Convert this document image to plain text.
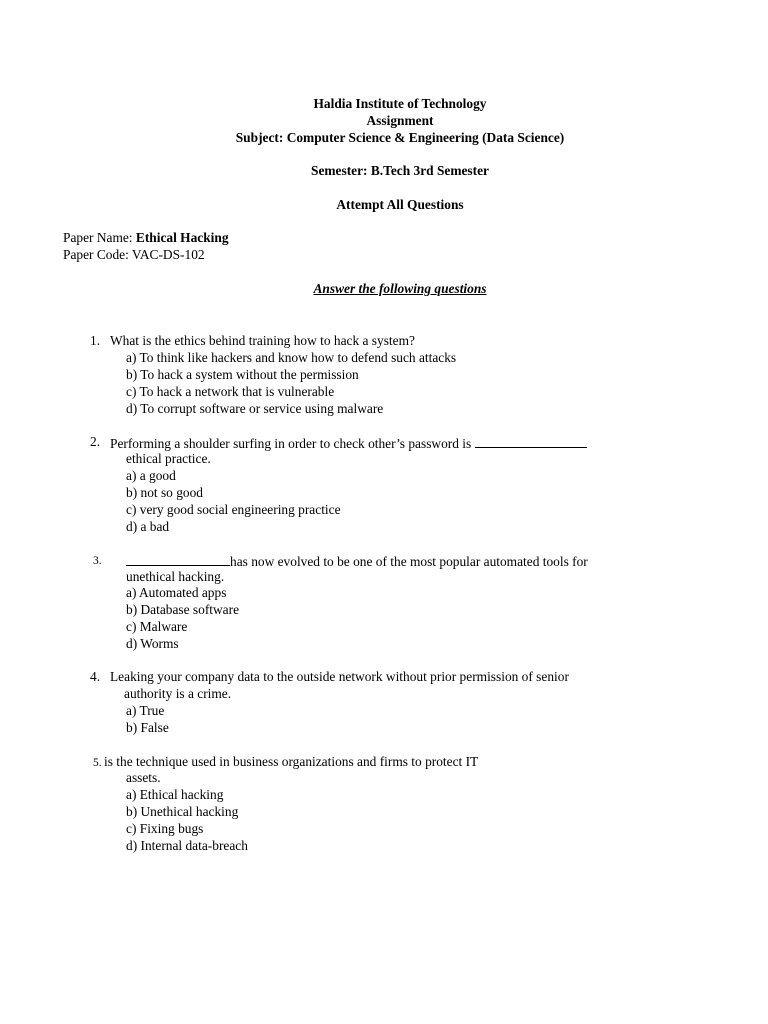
Haldia Institute of Technology
Assignment
Subject: Computer Science & Engineering (Data Science)
Semester: B.Tech 3rd Semester
Attempt All Questions
Paper Name: Ethical Hacking
Paper Code: VAC-DS-102
Answer the following questions
1. What is the ethics behind training how to hack a system?
a) To think like hackers and know how to defend such attacks
b) To hack a system without the permission
c) To hack a network that is vulnerable
d) To corrupt software or service using malware
2. Performing a shoulder surfing in order to check other’s password is
ethical practice.
a) a good
b) not so good
c) very good social engineering practice
d) a bad
3.	has now evolved to be one of the most popular automated tools for
unethical hacking.
a) Automated apps
b) Database software
c) Malware
d) Worms
4. Leaking your company data to the outside network without prior permission of senior
authority is a crime.
a) True
b) False
5. is the technique used in business organizations and firms to protect IT
assets.
a) Ethical hacking
b) Unethical hacking
c) Fixing bugs
d) Internal data-breach
